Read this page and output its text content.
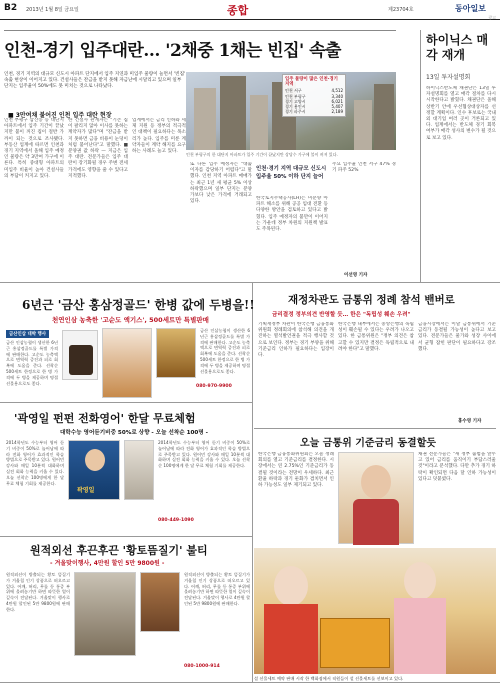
B2 2013년 1월 8일 금요일	종합	제23704호	동아일보
광고
인천-경기 입주대란… '2채중 1채는 빈집' 속출

인천, 경기 지역의 대규모 신도시 아파트 단지에서 입주 지연과 미입주 물량이 늘면서 '빈집' 속출 현상이 이어지고 있다. 건설사들은 잔금을 받지 못해 자금난에 시달리고 있으며 일부 단지는 입주율이 50%에도 못 미치는 것으로 나타났다.

입주 물량이 많은 인천·경기 지역
인천 서구	4,512
인천 부평구	3,340
경기 고양시	6,021
경기 용인시	5,407
경기 파주시	2,189

인천 부평구의 한 대단지 아파트가 입주 기간이 끝났지만 상당수 가구에 불이 꺼져 있다.

■ 3만여채 불어진 인천 입주 대란 현장

인천 부평구 삼산동 등 대단지 아파트에서 입주 기간이 끝났지만 불이 꺼진 집이 절반 가까이 되는 것으로 조사됐다. 부동산 업계에 따르면 인천과 경기 지역에서 올해 입주 예정인 물량은 약 3만여 가구에 이른다. 특히 중대형 아파트의 미입주 비율이 높아 건설사들의 부담이 커지고 있다.

한 건설사 관계자는 "기존 집이 팔리지 않아 이사를 못하는 계약자가 많다"며 "잔금을 받지 못하면 금융 비용이 눈덩이처럼 불어난다"고 말했다. ■ 분양권 값 하락 — 지금은 입주 대란. 전문가들은 입주 대란이 장기화될 경우 주변 전세 가격에도 영향을 줄 수 있다고 지적했다.

업계에서는 금리 인하와 세제 지원 등 정부의 적극적인 대책이 필요하다는 목소리가 높다. 입주를 미룬 계약자들이 계약 해지를 요구하는 사례도 늘고 있다.

또 다른 입주 예정자는 "대출 이자를 감당하기 어렵다"고 말했다. 인천 지역 아파트 매매가는 최근 1년 새 평균 5% 이상 하락했으며 일부 단지는 분양가보다 낮은 가격에 거래되고 있다.

인천·경기 지역 대규모 신도시 입주율 50% 이하 단지 늘어

한국토지주택공사(LH)는 미분양 아파트 해소를 위해 공공 임대 전환 등 다양한 방안을 검토하고 있다고 밝혔다. 입주 예정자의 불만이 이어지는 가운데 정부 차원의 지원책 발표도 주목된다.

주요 입주율 인천 서구 47% 경기 파주 52%

이선영 기자
하이닉스 매각 재개

13일 투자설명회

하이닉스반도체 채권단은 13일 투자설명회를 열고 매각 절차를 다시 시작한다고 밝혔다. 채권단은 올해 상반기 안에 우선협상대상자를 선정할 계획이다. 인수 후보로는 국내외 대기업 여러 곳이 거론되고 있다. 업계에서는 반도체 경기 회복 여부가 매각 성사의 변수가 될 것으로 보고 있다.

6년근 '금산 홍삼정골드' 한병 값에 두병을!!

천연인삼 농축한 '고순도 액기스', 500세트만 특별판매

금산인삼 대박 행사

금산 인삼농협이 생산한 6년근 홍삼정골드를 특별 가격에 판매한다. 고순도 농축액으로 면역력 증진과 피로 회복에 도움을 준다. 선착순 500세트 한정으로 한 병 가격에 두 병을 제공하며 명절 선물용으로도 좋다.

금산 인삼농협이 생산한 6년근 홍삼정골드를 특별 가격에 판매한다. 고순도 농축액으로 면역력 증진과 피로 회복에 도움을 준다. 선착순 500세트 한정으로 한 병 가격에 두 병을 제공하며 명절 선물용으로도 좋다.

080-970-9900
'곽영일 펀펀 전화영어' 한달 무료체험

대학수능 영어듣기비중 50%로 상향 - 오늘 선착순 100명 -

2014학년도 수능부터 영어 듣기 비중이 50%로 늘어남에 따라 전화 영어가 효과적인 학습 방법으로 주목받고 있다. 원어민 강사와 매일 10분씩 대화하며 실전 회화 능력을 키울 수 있다. 오늘 선착순 100명에게 한 달 무료 체험 기회를 제공한다.

곽영일

2014학년도 수능부터 영어 듣기 비중이 50%로 늘어남에 따라 전화 영어가 효과적인 학습 방법으로 주목받고 있다. 원어민 강사와 매일 10분씩 대화하며 실전 회화 능력을 키울 수 있다. 오늘 선착순 100명에게 한 달 무료 체험 기회를 제공한다.

080-449-1090
원적외선 후끈후끈 '황토뜸질기' 불티

- 겨울맞이행사, 4만원 할인 5만 9800원 -

원적외선이 방출되는 황토 뜸질기가 겨울철 인기 상품으로 떠오르고 있다. 어깨, 허리, 무릎 등 통증 부위에 올려놓기만 하면 따뜻한 열이 깊숙이 전달된다. 겨울맞이 행사로 4만원 할인된 5만 9800원에 판매한다.

원적외선이 방출되는 황토 뜸질기가 겨울철 인기 상품으로 떠오르고 있다. 어깨, 허리, 무릎 등 통증 부위에 올려놓기만 하면 따뜻한 열이 깊숙이 전달된다. 겨울맞이 행사로 4만원 할인된 5만 9800원에 판매한다.

080-1000-914
재정차관도 금통위 정례 참석 밴버로

금리결정 정부의견 반영할 듯… 한은 "독립성 훼손 우려"

기획재정부 차관이 한국은행 금융통화위원회 정례회의에 참석해 의견을 개진하는 열석발언권을 적극 행사할 것으로 보인다. 정부는 경기 부양을 위해 기준금리 인하가 필요하다는 입장이다.

한국은행 내부에서는 중앙은행의 독립성이 훼손될 수 있다는 우려가 나오고 있다. 한 금통위원은 "정부 의견은 참고할 수 있지만 결정은 독립적으로 내려야 한다"고 말했다.

금융시장에서는 이달 금통위에서 기준금리가 동결될 가능성이 높다고 보고 있다. 전문가들은 물가와 성장 사이에서 균형 잡힌 판단이 필요하다고 강조했다.

홍수영 기자
오늘 금통위 기준금리 동결할듯

한국은행 금융통화위원회는 오늘 정례회의를 열고 기준금리를 결정한다. 시장에서는 연 2.75%인 기준금리가 동결될 것이라는 전망이 우세하다. 최근 환율 하락과 경기 둔화가 겹치면서 인하 가능성도 일부 제기되고 있다.

채권 전문가들은 "새 정부 출범을 앞두고 있어 금리를 움직이기 부담스러울 것"이라고 분석했다. 다만 추가 경기 하락이 확인되면 다음 달 인하 가능성이 있다고 덧붙였다.

설 선물세트 예약 판매 시작 한 백화점에서 직원들이 설 선물세트를 선보이고 있다.
